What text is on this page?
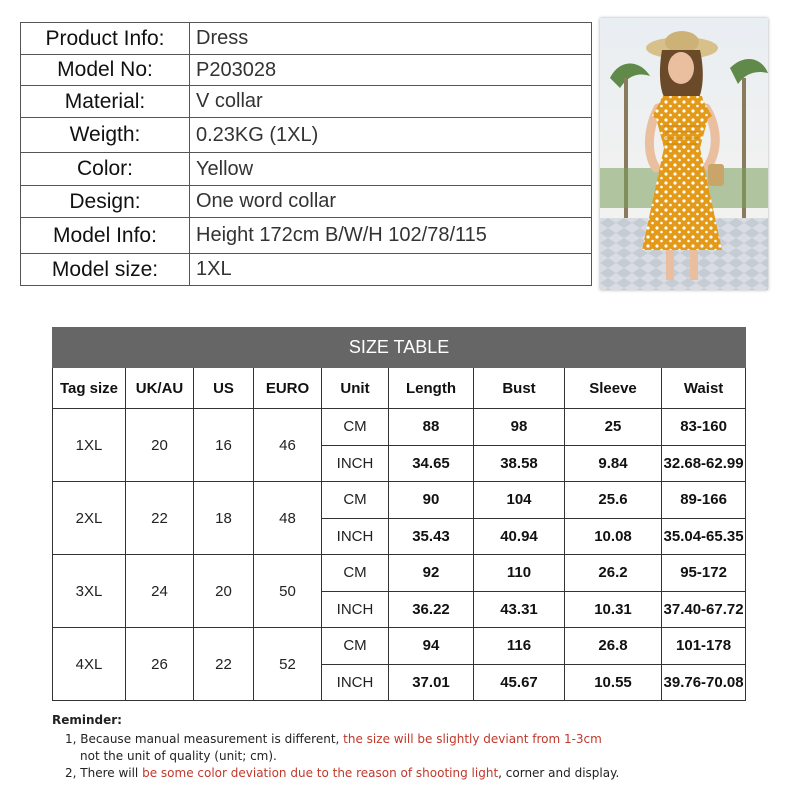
Product Info:	Dress
Model No:	P203028
Material:	V collar
Weigth:	0.23KG (1XL)
Color:	Yellow
Design:	One word collar
Model Info:	Height 172cm B/W/H 102/78/115
Model size:	1XL
SIZE TABLE								
Tag size	UK/AU	US	EURO	Unit	Length	Bust	Sleeve	Waist
1XL	20	16	46	CM	88	98	25	83-160
				INCH	34.65	38.58	9.84	32.68-62.99
2XL	22	18	48	CM	90	104	25.6	89-166
				INCH	35.43	40.94	10.08	35.04-65.35
3XL	24	20	50	CM	92	110	26.2	95-172
				INCH	36.22	43.31	10.31	37.40-67.72
4XL	26	22	52	CM	94	116	26.8	101-178
				INCH	37.01	45.67	10.55	39.76-70.08
Reminder:
1, Because manual measurement is different, the size will be slightly deviant from 1-3cm
not the unit of quality (unit; cm).
2, There will be some color deviation due to the reason of shooting light, corner and display.
